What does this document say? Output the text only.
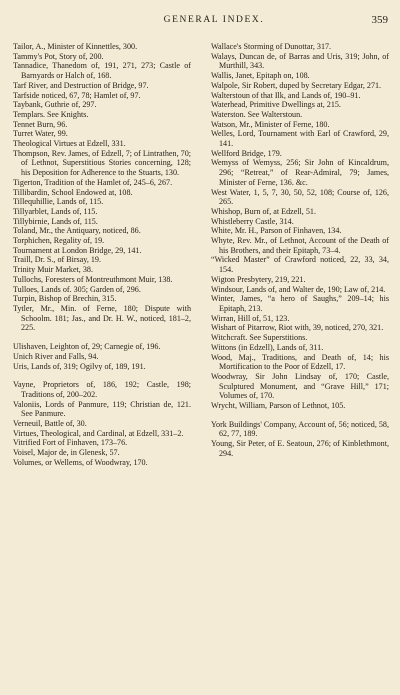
GENERAL INDEX.	359
Tailor, A., Minister of Kinnettles, 300.
Tammy's Pot, Story of, 200.
Tannadice, Thanedom of, 191, 271, 273; Castle of Barnyards or Halch of, 168.
Tarf River, and Destruction of Bridge, 97.
Tarfside noticed, 67, 78; Hamlet of, 97.
Taybank, Guthrie of, 297.
Templars. See Knights.
Tennet Burn, 96.
Turret Water, 99.
Theological Virtues at Edzell, 331.
Thompson, Rev. James, of Edzell, 7; of Lintrathen, 70; of Lethnot, Superstitious Stories concerning, 128; his Deposition for Adherence to the Stuarts, 130.
Tigerton, Tradition of the Hamlet of, 245–6, 267.
Tillibardin, School Endowed at, 108.
Tillequhillie, Lands of, 115.
Tillyarblet, Lands of, 115.
Tillybirnie, Lands of, 115.
Toland, Mr., the Antiquary, noticed, 86.
Torphichen, Regality of, 19.
Tournament at London Bridge, 29, 141.
Traill, Dr. S., of Birsay, 19.
Trinity Muir Market, 38.
Tullochs, Foresters of Montreuthmont Muir, 138.
Tulloes, Lands of. 305; Garden of, 296.
Turpin, Bishop of Brechin, 315.
Tytler, Mr., Min. of Ferne, 180; Dispute with Schoolm. 181; Jas., and Dr. H. W., noticed, 181–2, 225.
Ulishaven, Leighton of, 29; Carnegie of, 196.
Unich River and Falls, 94.
Uris, Lands of, 319; Ogilvy of, 189, 191.
Vayne, Proprietors of, 186, 192; Castle, 198; Traditions of, 200–202.
Valoniis, Lords of Panmure, 119; Christian de, 121. See Panmure.
Verneuil, Battle of, 30.
Virtues, Theological, and Cardinal, at Edzell, 331–2.
Vitrified Fort of Finhaven, 173–76.
Voisel, Major de, in Glenesk, 57.
Volumes, or Wellems, of Woodwray, 170.
Wallace's Storming of Dunottar, 317.
Walays, Duncan de, of Barras and Uris, 319; John, of Murthill, 343.
Wallis, Janet, Epitaph on, 108.
Walpole, Sir Robert, duped by Secretary Edgar, 271.
Walterstoun of that Ilk, and Lands of, 190–91.
Waterhead, Primitive Dwellings at, 215.
Waterston. See Walterstoun.
Watson, Mr., Minister of Ferne, 180.
Welles, Lord, Tournament with Earl of Crawford, 29, 141.
Wellford Bridge, 179.
Wemyss of Wemyss, 256; Sir John of Kincaldrum, 296; “Retreat,” of Rear-Admiral, 79; James, Minister of Ferne, 136. &c.
West Water, 1, 5, 7, 30, 50, 52, 108; Course of, 126, 265.
Whishop, Burn of, at Edzell, 51.
Whistleberry Castle, 314.
White, Mr. H., Parson of Finhaven, 134.
Whyte, Rev. Mr., of Lethnot, Account of the Death of his Brothers, and their Epitaph, 73–4.
“Wicked Master” of Crawford noticed, 22, 33, 34, 154.
Wigton Presbytery, 219, 221.
Windsour, Lands of, and Walter de, 190; Law of, 214.
Winter, James, “a hero of Saughs,” 209–14; his Epitaph, 213.
Wirran, Hill of, 51, 123.
Wishart of Pitarrow, Riot with, 39, noticed, 270, 321.
Witchcraft. See Superstitions.
Wittons (in Edzell), Lands of, 311.
Wood, Maj., Traditions, and Death of, 14; his Mortification to the Poor of Edzell, 17.
Woodwray, Sir John Lindsay of, 170; Castle, Sculptured Monument, and “Grave Hill,” 171; Volumes of, 170.
Wrycht, William, Parson of Lethnot, 105.
York Buildings' Company, Account of, 56; noticed, 58, 62, 77, 189.
Young, Sir Peter, of E. Seatoun, 276; of Kinblethmont, 294.
